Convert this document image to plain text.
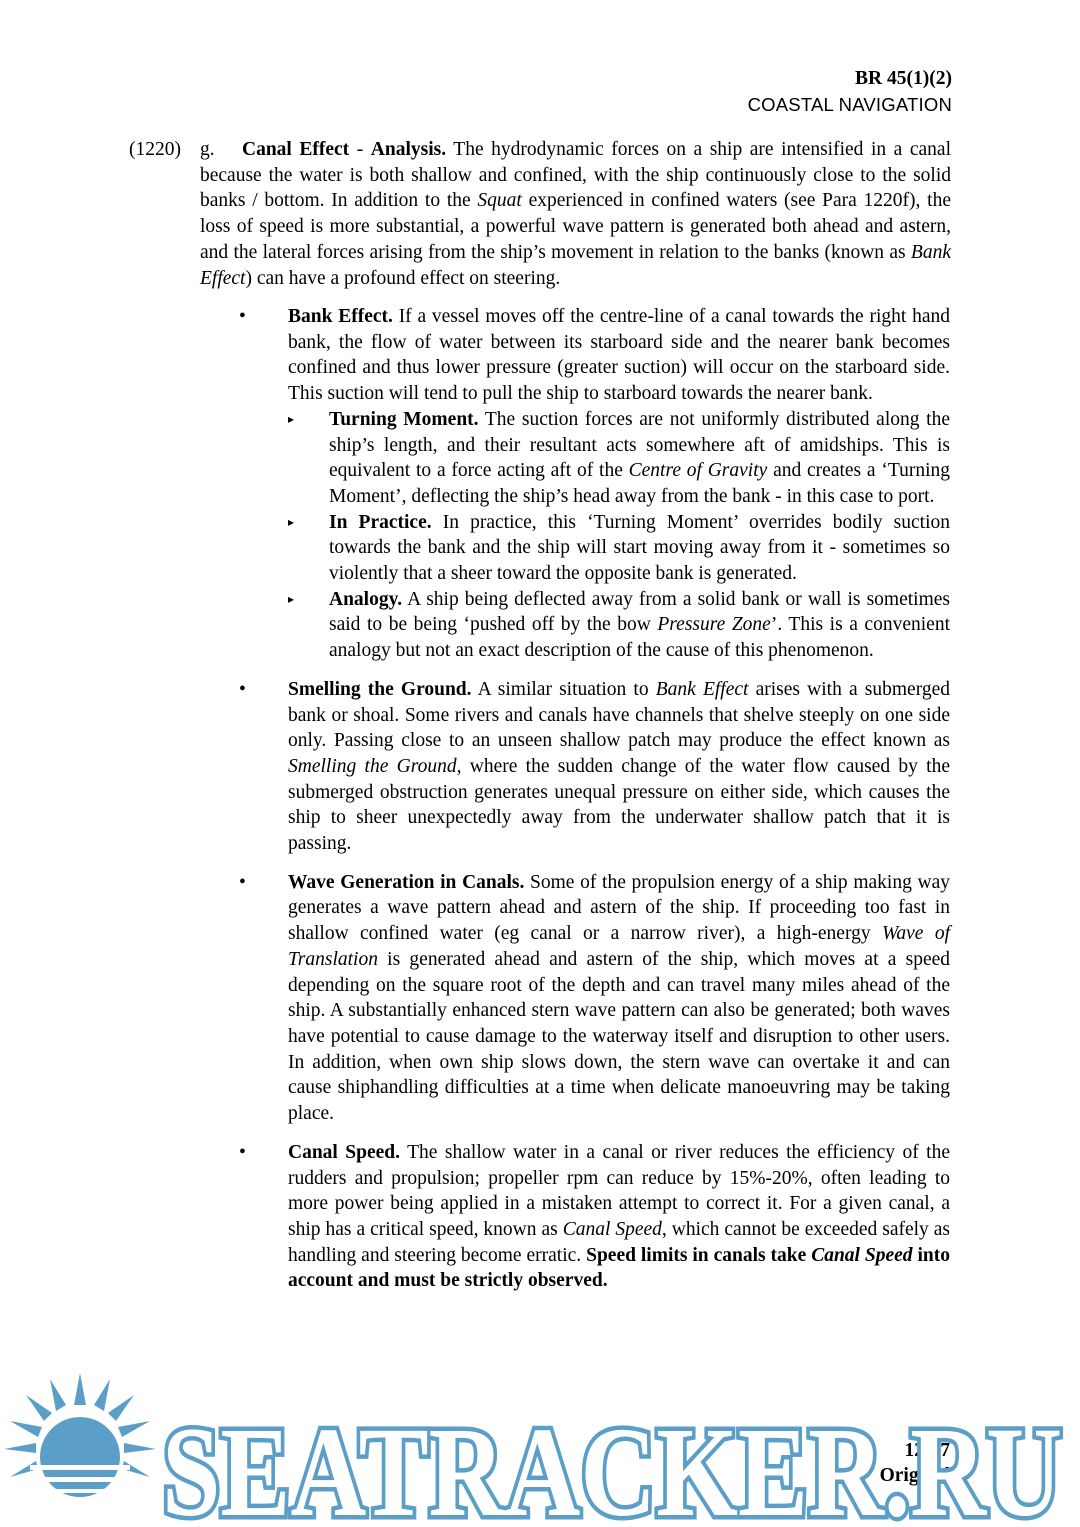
BR 45(1)(2)
COASTAL NAVIGATION
(1220) g.	Canal Effect - Analysis. The hydrodynamic forces on a ship are intensified in a canal because the water is both shallow and confined, with the ship continuously close to the solid banks / bottom. In addition to the Squat experienced in confined waters (see Para 1220f), the loss of speed is more substantial, a powerful wave pattern is generated both ahead and astern, and the lateral forces arising from the ship’s movement in relation to the banks (known as Bank Effect) can have a profound effect on steering.
• Bank Effect. If a vessel moves off the centre-line of a canal towards the right hand bank, the flow of water between its starboard side and the nearer bank becomes confined and thus lower pressure (greater suction) will occur on the starboard side. This suction will tend to pull the ship to starboard towards the nearer bank.
▸ Turning Moment. The suction forces are not uniformly distributed along the ship’s length, and their resultant acts somewhere aft of amidships. This is equivalent to a force acting aft of the Centre of Gravity and creates a ‘Turning Moment’, deflecting the ship’s head away from the bank - in this case to port.
▸ In Practice. In practice, this ‘Turning Moment’ overrides bodily suction towards the bank and the ship will start moving away from it - sometimes so violently that a sheer toward the opposite bank is generated.
▸ Analogy. A ship being deflected away from a solid bank or wall is sometimes said to be being ‘pushed off by the bow Pressure Zone’. This is a convenient analogy but not an exact description of the cause of this phenomenon.
• Smelling the Ground. A similar situation to Bank Effect arises with a submerged bank or shoal. Some rivers and canals have channels that shelve steeply on one side only. Passing close to an unseen shallow patch may produce the effect known as Smelling the Ground, where the sudden change of the water flow caused by the submerged obstruction generates unequal pressure on either side, which causes the ship to sheer unexpectedly away from the underwater shallow patch that it is passing.
• Wave Generation in Canals. Some of the propulsion energy of a ship making way generates a wave pattern ahead and astern of the ship. If proceeding too fast in shallow confined water (eg canal or a narrow river), a high-energy Wave of Translation is generated ahead and astern of the ship, which moves at a speed depending on the square root of the depth and can travel many miles ahead of the ship. A substantially enhanced stern wave pattern can also be generated; both waves have potential to cause damage to the waterway itself and disruption to other users. In addition, when own ship slows down, the stern wave can overtake it and can cause shiphandling difficulties at a time when delicate manoeuvring may be taking place.
• Canal Speed. The shallow water in a canal or river reduces the efficiency of the rudders and propulsion; propeller rpm can reduce by 15%-20%, often leading to more power being applied in a mistaken attempt to correct it. For a given canal, a ship has a critical speed, known as Canal Speed, which cannot be exceeded safely as handling and steering become erratic. Speed limits in canals take Canal Speed into account and must be strictly observed.
12-17
Original
SEATRACKER.RU
